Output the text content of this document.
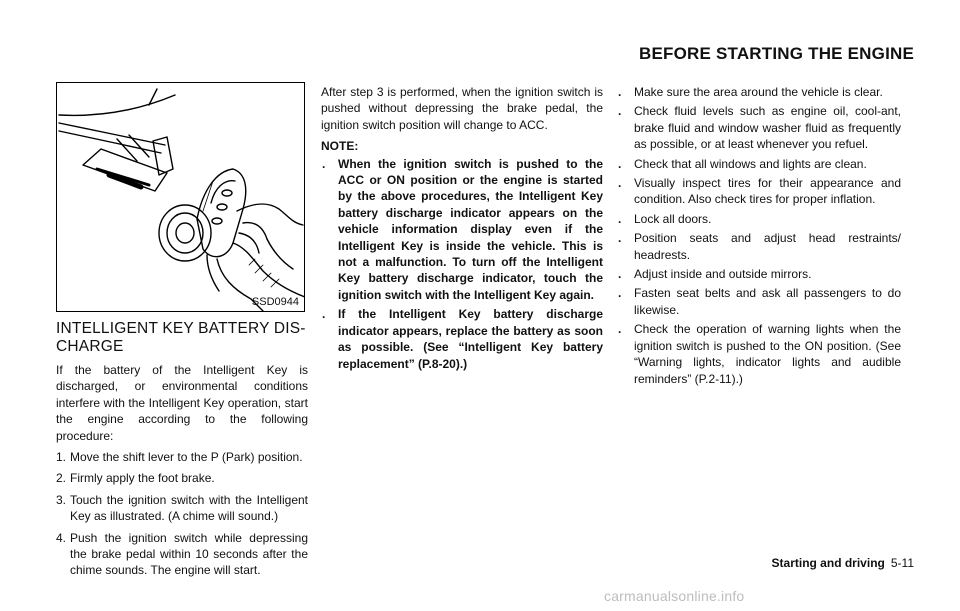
BEFORE STARTING THE ENGINE
SSD0944
INTELLIGENT KEY BATTERY DIS-
CHARGE

If the battery of the Intelligent Key is discharged, or environmental conditions interfere with the Intelligent Key operation, start the engine according to the following procedure:

1. Move the shift lever to the P (Park) position.
2. Firmly apply the foot brake.
3. Touch the ignition switch with the Intelligent Key as illustrated. (A chime will sound.)
4. Push the ignition switch while depressing the brake pedal within 10 seconds after the chime sounds. The engine will start.

After step 3 is performed, when the ignition switch is pushed without depressing the brake pedal, the ignition switch position will change to ACC.

NOTE:
. When the ignition switch is pushed to the ACC or ON position or the engine is started by the above procedures, the Intelligent Key battery discharge indicator appears on the vehicle information display even if the Intelligent Key is inside the vehicle. This is not a malfunction. To turn off the Intelligent Key battery discharge indicator, touch the ignition switch with the Intelligent Key again.
. If the Intelligent Key battery discharge indicator appears, replace the battery as soon as possible. (See “Intelligent Key battery replacement” (P.8-20).)
. Make sure the area around the vehicle is clear.
. Check fluid levels such as engine oil, cool-ant, brake fluid and window washer fluid as frequently as possible, or at least whenever you refuel.
. Check that all windows and lights are clean.
. Visually inspect tires for their appearance and condition. Also check tires for proper inflation.
. Lock all doors.
. Position seats and adjust head restraints/ headrests.
. Adjust inside and outside mirrors.
. Fasten seat belts and ask all passengers to do likewise.
. Check the operation of warning lights when the ignition switch is pushed to the ON position. (See “Warning lights, indicator lights and audible reminders” (P.2-11).)
Starting and driving 5-11
carmanualsonline.info
